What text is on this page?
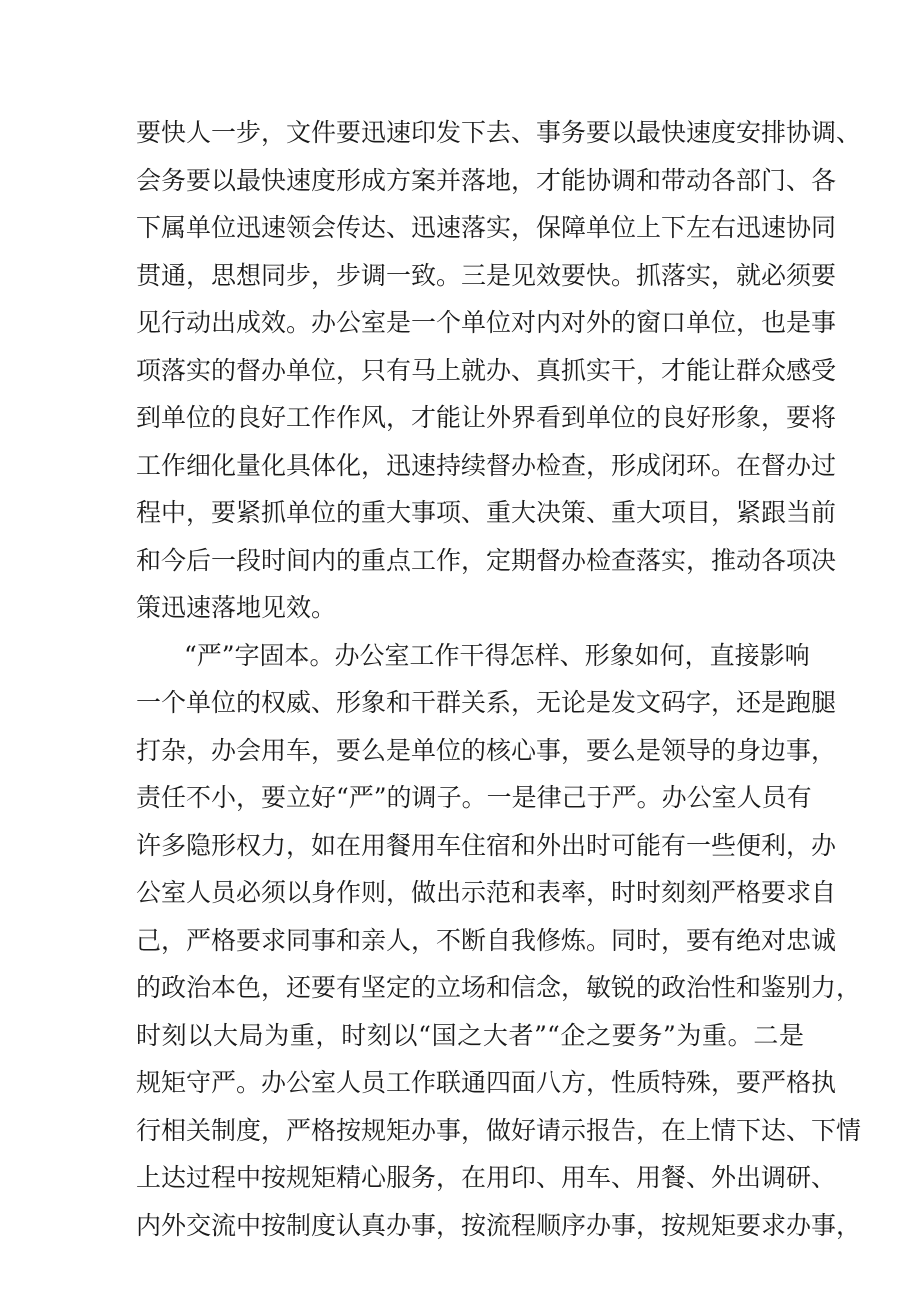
要快人一步，文件要迅速印发下去、事务要以最快速度安排协调、
会务要以最快速度形成方案并落地，才能协调和带动各部门、各
下属单位迅速领会传达、迅速落实，保障单位上下左右迅速协同
贯通，思想同步，步调一致。三是见效要快。抓落实，就必须要
见行动出成效。办公室是一个单位对内对外的窗口单位，也是事
项落实的督办单位，只有马上就办、真抓实干，才能让群众感受
到单位的良好工作作风，才能让外界看到单位的良好形象，要将
工作细化量化具体化，迅速持续督办检查，形成闭环。在督办过
程中，要紧抓单位的重大事项、重大决策、重大项目，紧跟当前
和今后一段时间内的重点工作，定期督办检查落实，推动各项决
策迅速落地见效。
“严”字固本。办公室工作干得怎样、形象如何，直接影响
一个单位的权威、形象和干群关系，无论是发文码字，还是跑腿
打杂，办会用车，要么是单位的核心事，要么是领导的身边事，
责任不小，要立好“严”的调子。一是律己于严。办公室人员有
许多隐形权力，如在用餐用车住宿和外出时可能有一些便利，办
公室人员必须以身作则，做出示范和表率，时时刻刻严格要求自
己，严格要求同事和亲人，不断自我修炼。同时，要有绝对忠诚
的政治本色，还要有坚定的立场和信念，敏锐的政治性和鉴别力，
时刻以大局为重，时刻以“国之大者”“企之要务”为重。二是
规矩守严。办公室人员工作联通四面八方，性质特殊，要严格执
行相关制度，严格按规矩办事，做好请示报告，在上情下达、下情
上达过程中按规矩精心服务，在用印、用车、用餐、外出调研、
内外交流中按制度认真办事，按流程顺序办事，按规矩要求办事，
